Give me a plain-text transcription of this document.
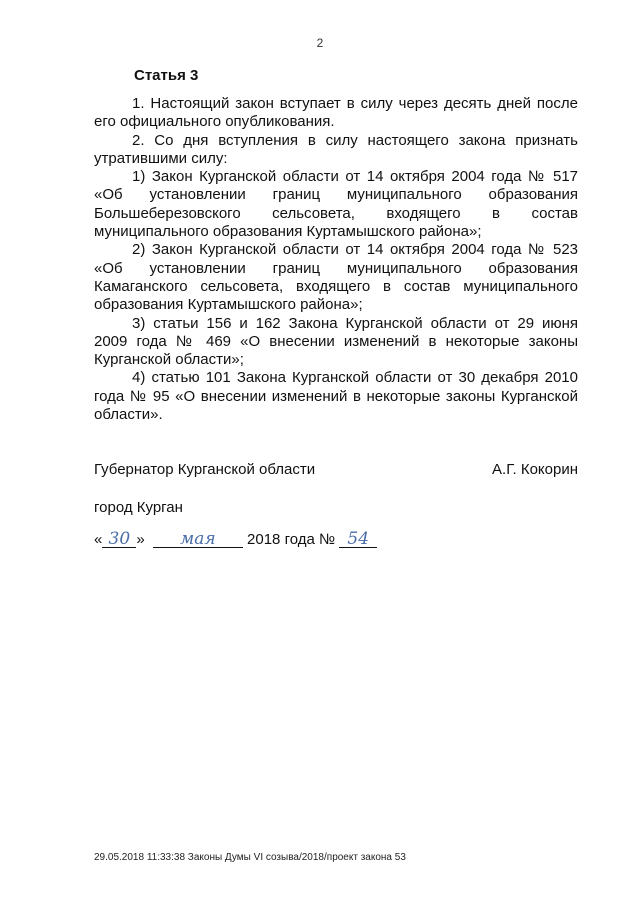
2
Статья 3

1. Настоящий закон вступает в силу через десять дней после его официального опубликования.

2. Со дня вступления в силу настоящего закона признать утратившими силу:

1) Закон Курганской области от 14 октября 2004 года № 517 «Об установлении границ муниципального образования Большеберезовского сельсовета, входящего в состав муниципального образования Куртамышского района»;

2) Закон Курганской области от 14 октября 2004 года № 523 «Об установлении границ муниципального образования Камаганского сельсовета, входящего в состав муниципального образования Куртамышского района»;

3) статьи 156 и 162 Закона Курганской области от 29 июня 2009 года № 469 «О внесении изменений в некоторые законы Курганской области»;

4) статью 101 Закона Курганской области от 30 декабря 2010 года № 95 «О внесении изменений в некоторые законы Курганской области».

Губернатор Курганской области	А.Г. Кокорин
город Курган
« 30 » мая 2018 года № 54
29.05.2018 11:33:38 Законы Думы VI созыва/2018/проект закона 53
